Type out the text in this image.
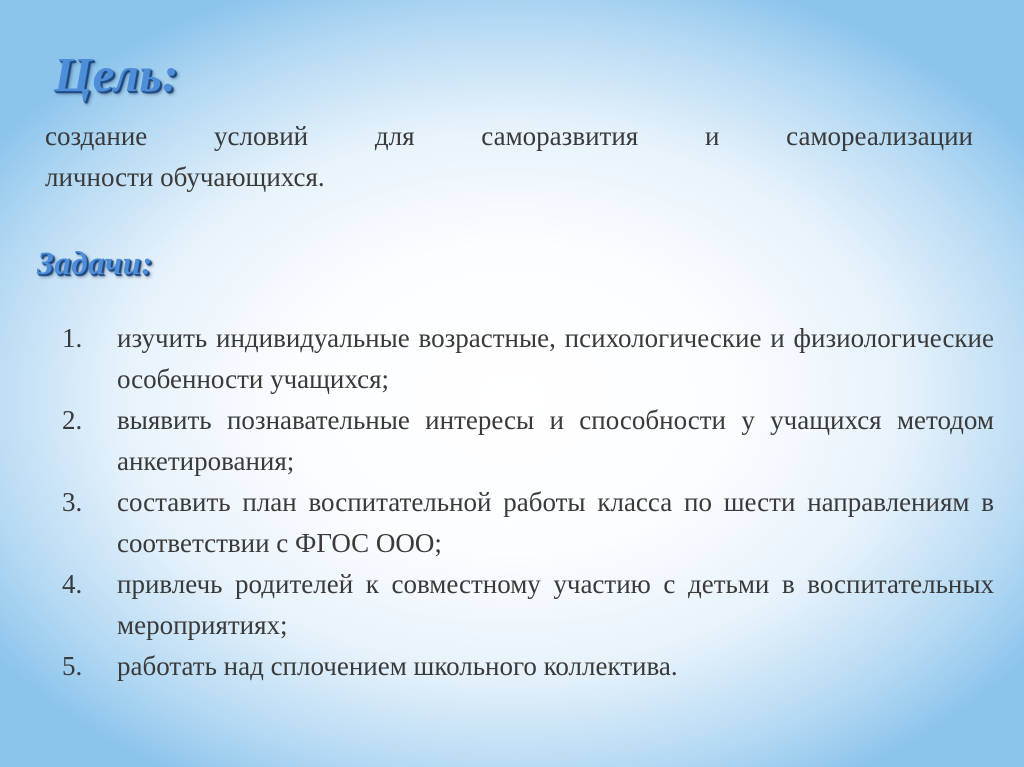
Цель:
создание условий для саморазвития и самореализации
личности обучающихся.
Задачи:
1. изучить индивидуальные возрастные, психологические и физиологические особенности учащихся;
2. выявить познавательные интересы и способности у учащихся методом анкетирования;
3. составить план воспитательной работы класса по шести направлениям в соответствии с ФГОС ООО;
4. привлечь родителей к совместному участию с детьми в воспитательных мероприятиях;
5. работать над сплочением школьного коллектива.
